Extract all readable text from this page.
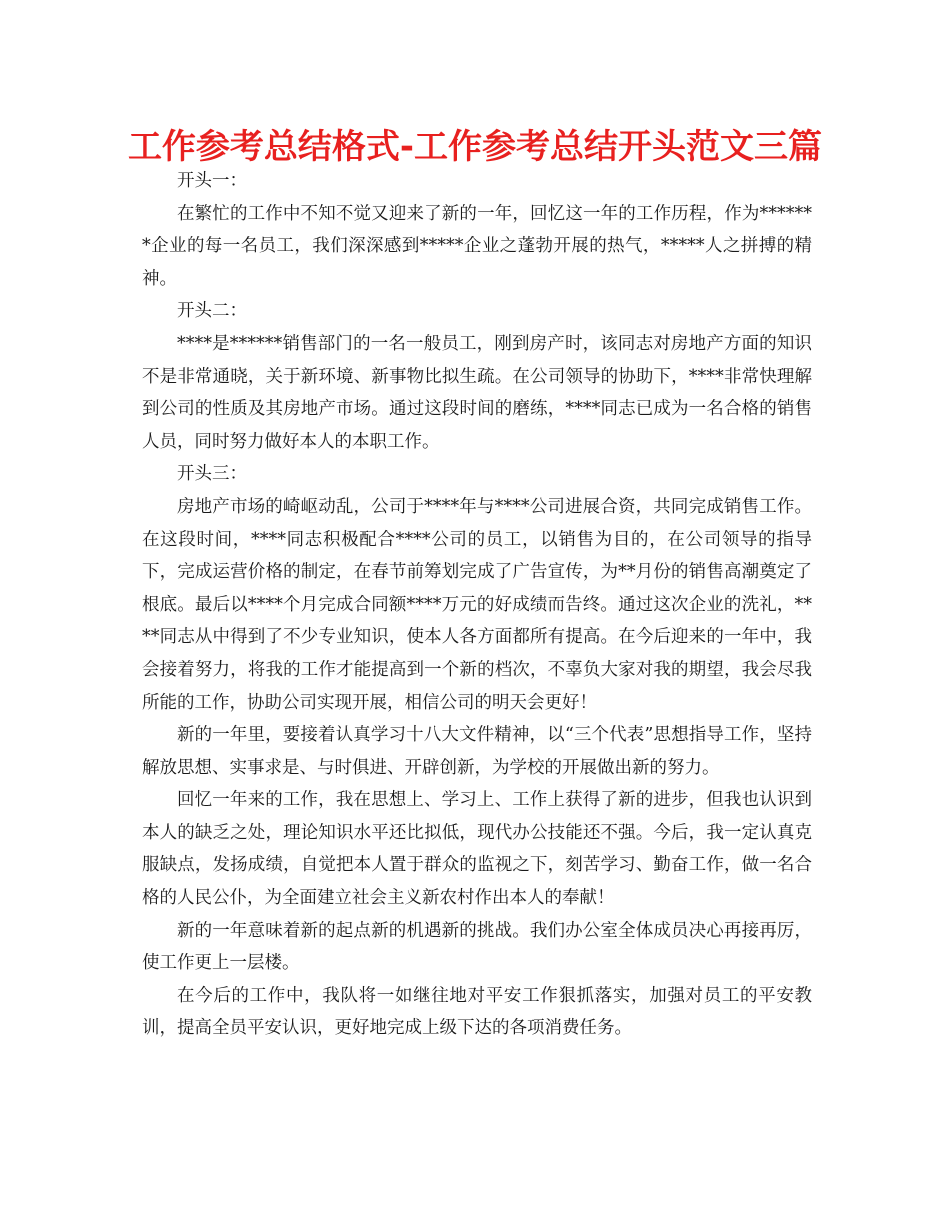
工作参考总结格式-工作参考总结开头范文三篇

开头一：

在繁忙的工作中不知不觉又迎来了新的一年，回忆这一年的工作历程，作为*******企业的每一名员工，我们深深感到*****企业之蓬勃开展的热气，*****人之拼搏的精神。

开头二：

****是******销售部门的一名一般员工，刚到房产时，该同志对房地产方面的知识不是非常通晓，关于新环境、新事物比拟生疏。在公司领导的协助下，****非常快理解到公司的性质及其房地产市场。通过这段时间的磨练，****同志已成为一名合格的销售人员，同时努力做好本人的本职工作。

开头三：

房地产市场的崎岖动乱，公司于****年与****公司进展合资，共同完成销售工作。在这段时间，****同志积极配合****公司的员工，以销售为目的，在公司领导的指导下，完成运营价格的制定，在春节前筹划完成了广告宣传，为**月份的销售高潮奠定了根底。最后以****个月完成合同额****万元的好成绩而告终。通过这次企业的洗礼，****同志从中得到了不少专业知识，使本人各方面都所有提高。在今后迎来的一年中，我会接着努力，将我的工作才能提高到一个新的档次，不辜负大家对我的期望，我会尽我所能的工作，协助公司实现开展，相信公司的明天会更好！

新的一年里，要接着认真学习十八大文件精神，以“三个代表”思想指导工作，坚持解放思想、实事求是、与时俱进、开辟创新，为学校的开展做出新的努力。

回忆一年来的工作，我在思想上、学习上、工作上获得了新的进步，但我也认识到本人的缺乏之处，理论知识水平还比拟低，现代办公技能还不强。今后，我一定认真克服缺点，发扬成绩，自觉把本人置于群众的监视之下，刻苦学习、勤奋工作，做一名合格的人民公仆，为全面建立社会主义新农村作出本人的奉献！

新的一年意味着新的起点新的机遇新的挑战。我们办公室全体成员决心再接再厉，使工作更上一层楼。

在今后的工作中，我队将一如继往地对平安工作狠抓落实，加强对员工的平安教训，提高全员平安认识，更好地完成上级下达的各项消费任务。
